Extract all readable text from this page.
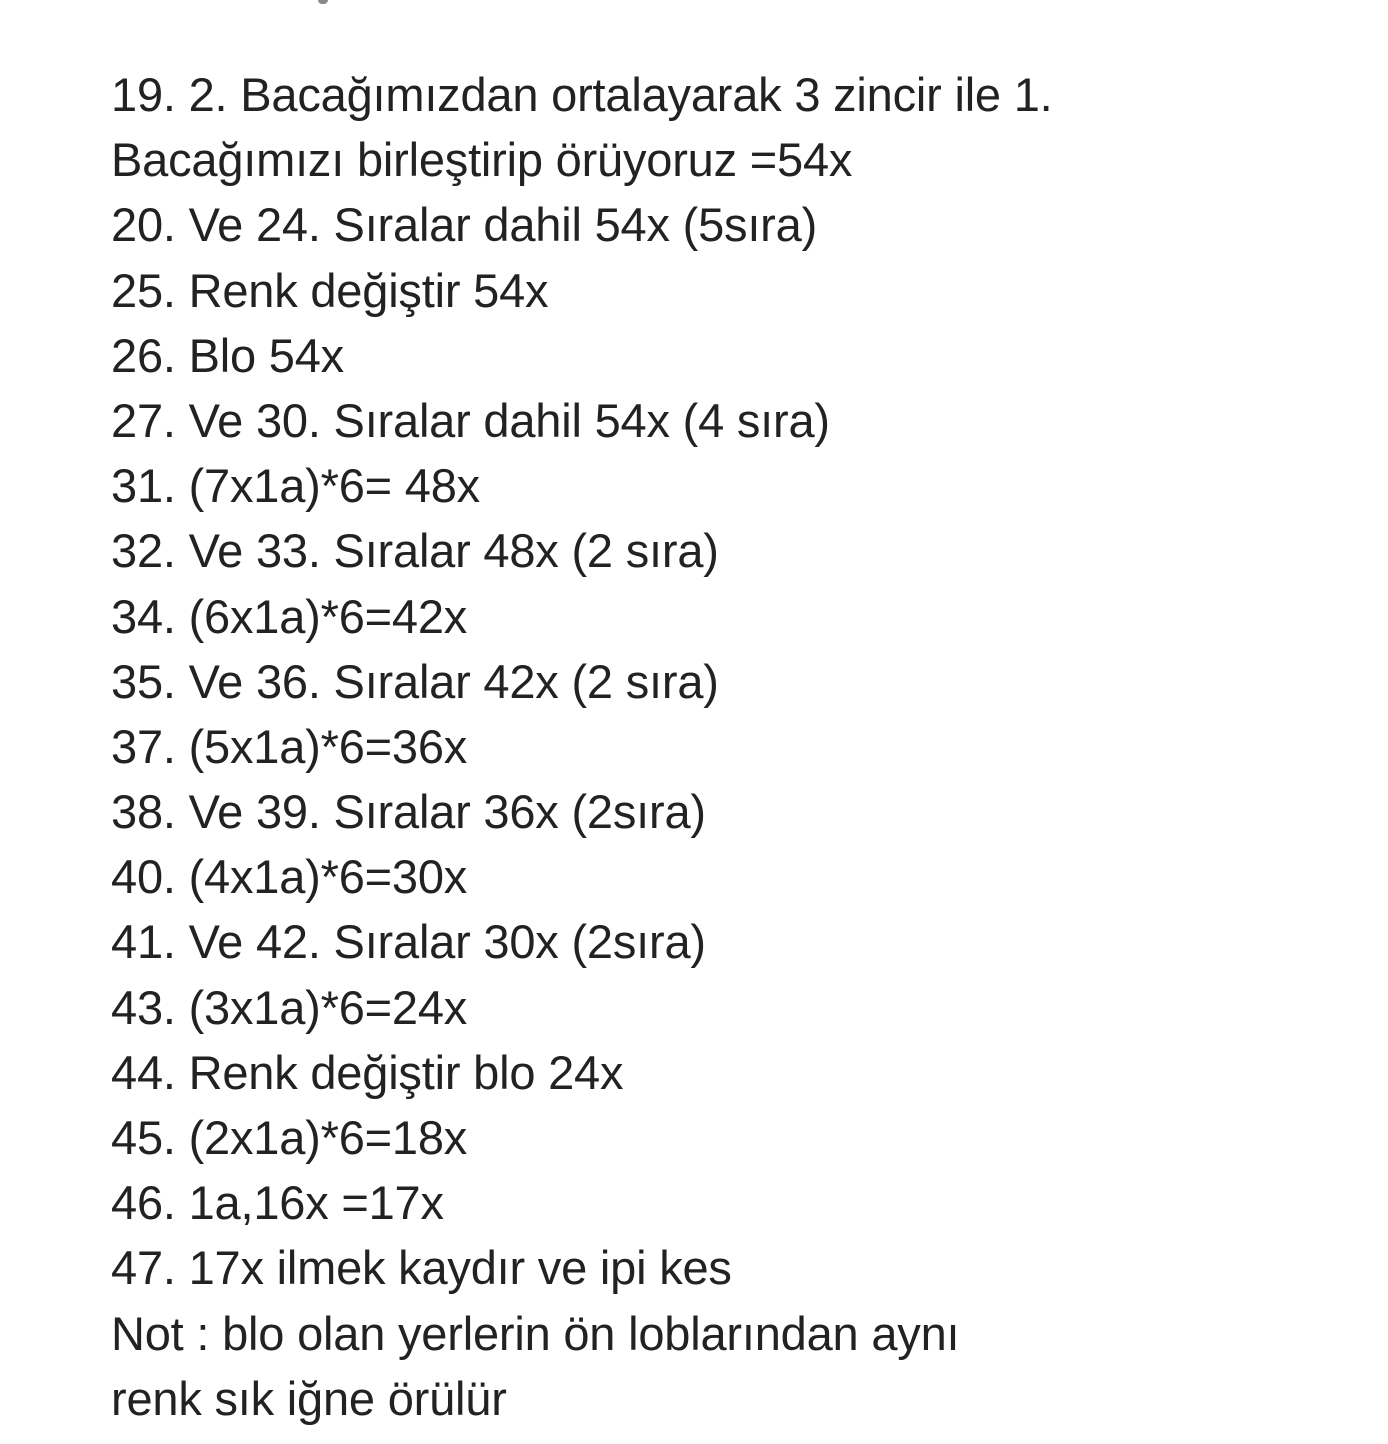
19. 2. Bacağımızdan ortalayarak 3 zincir ile 1.
Bacağımızı birleştirip örüyoruz =54x
20. Ve 24. Sıralar dahil 54x (5sıra)
25. Renk değiştir 54x
26. Blo 54x
27. Ve 30. Sıralar dahil 54x (4 sıra)
31. (7x1a)*6= 48x
32. Ve 33. Sıralar 48x (2 sıra)
34. (6x1a)*6=42x
35. Ve 36. Sıralar 42x (2 sıra)
37. (5x1a)*6=36x
38. Ve 39. Sıralar 36x (2sıra)
40. (4x1a)*6=30x
41. Ve 42. Sıralar 30x (2sıra)
43. (3x1a)*6=24x
44. Renk değiştir blo 24x
45. (2x1a)*6=18x
46. 1a,16x =17x
47. 17x ilmek kaydır ve ipi kes
Not : blo olan yerlerin ön loblarından aynı
renk sık iğne örülür
